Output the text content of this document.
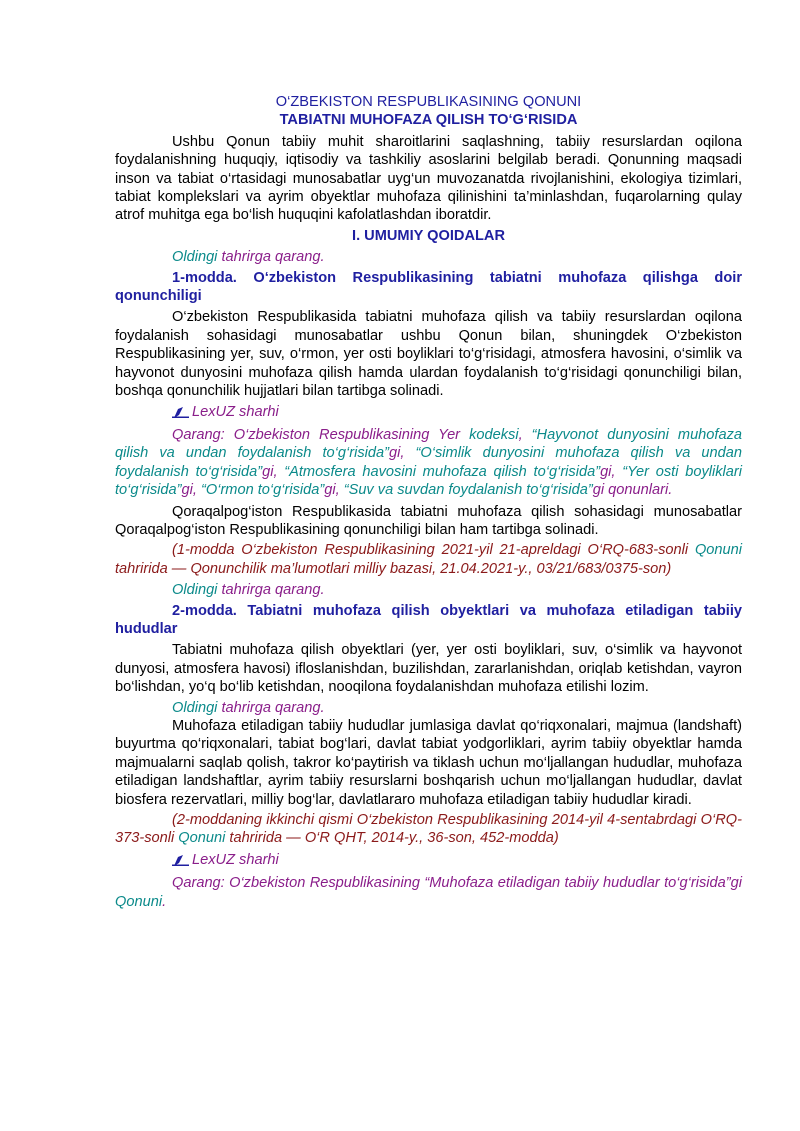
O‘ZBEKISTON RESPUBLIKASINING QONUNI

TABIATNI MUHOFAZA QILISH TO‘G‘RISIDA

Ushbu Qonun tabiiy muhit sharoitlarini saqlashning, tabiiy resurslardan oqilona foydalanishning huquqiy, iqtisodiy va tashkiliy asoslarini belgilab beradi. Qonunning maqsadi inson va tabiat o‘rtasidagi munosabatlar uyg‘un muvozanatda rivojlanishini, ekologiya tizimlari, tabiat komplekslari va ayrim obyektlar muhofaza qilinishini ta’minlashdan, fuqarolarning qulay atrof muhitga ega bo‘lish huquqini kafolatlashdan iboratdir.

I. UMUMIY QOIDALAR

Oldingi tahrirga qarang.

1-modda. O‘zbekiston Respublikasining tabiatni muhofaza qilishga doir qonunchiligi

O‘zbekiston Respublikasida tabiatni muhofaza qilish va tabiiy resurslardan oqilona foydalanish sohasidagi munosabatlar ushbu Qonun bilan, shuningdek O‘zbekiston Respublikasining yer, suv, o‘rmon, yer osti boyliklari to‘g‘risidagi, atmosfera havosini, o‘simlik va hayvonot dunyosini muhofaza qilish hamda ulardan foydalanish to‘g‘risidagi qonunchiligi bilan, boshqa qonunchilik hujjatlari bilan tartibga solinadi.

LexUZ sharhi

Qarang: O‘zbekiston Respublikasining Yer kodeksi, “Hayvonot dunyosini muhofaza qilish va undan foydalanish to‘g‘risida”gi, “O‘simlik dunyosini muhofaza qilish va undan foydalanish to‘g‘risida”gi, “Atmosfera havosini muhofaza qilish to‘g‘risida”gi, “Yer osti boyliklari to‘g‘risida”gi, “O‘rmon to‘g‘risida”gi, “Suv va suvdan foydalanish to‘g‘risida”gi qonunlari.

Qoraqalpog‘iston Respublikasida tabiatni muhofaza qilish sohasidagi munosabatlar Qoraqalpog‘iston Respublikasining qonunchiligi bilan ham tartibga solinadi.

(1-modda O‘zbekiston Respublikasining 2021-yil 21-apreldagi O‘RQ-683-sonli Qonuni tahririda — Qonunchilik ma’lumotlari milliy bazasi, 21.04.2021-y., 03/21/683/0375-son)

Oldingi tahrirga qarang.

2-modda. Tabiatni muhofaza qilish obyektlari va muhofaza etiladigan tabiiy hududlar

Tabiatni muhofaza qilish obyektlari (yer, yer osti boyliklari, suv, o‘simlik va hayvonot dunyosi, atmosfera havosi) ifloslanishdan, buzilishdan, zararlanishdan, oriqlab ketishdan, vayron bo‘lishdan, yo‘q bo‘lib ketishdan, nooqilona foydalanishdan muhofaza etilishi lozim.

Oldingi tahrirga qarang.

Muhofaza etiladigan tabiiy hududlar jumlasiga davlat qo‘riqxonalari, majmua (landshaft) buyurtma qo‘riqxonalari, tabiat bog‘lari, davlat tabiat yodgorliklari, ayrim tabiiy obyektlar hamda majmualarni saqlab qolish, takror ko‘paytirish va tiklash uchun mo‘ljallangan hududlar, muhofaza etiladigan landshaftlar, ayrim tabiiy resurslarni boshqarish uchun mo‘ljallangan hududlar, davlat biosfera rezervatlari, milliy bog‘lar, davlatlararo muhofaza etiladigan tabiiy hududlar kiradi.

(2-moddaning ikkinchi qismi O‘zbekiston Respublikasining 2014-yil 4-sentabrdagi O‘RQ-373-sonli Qonuni tahririda — O‘R QHT, 2014-y., 36-son, 452-modda)

LexUZ sharhi

Qarang: O‘zbekiston Respublikasining “Muhofaza etiladigan tabiiy hududlar to‘g‘risida”gi Qonuni.
